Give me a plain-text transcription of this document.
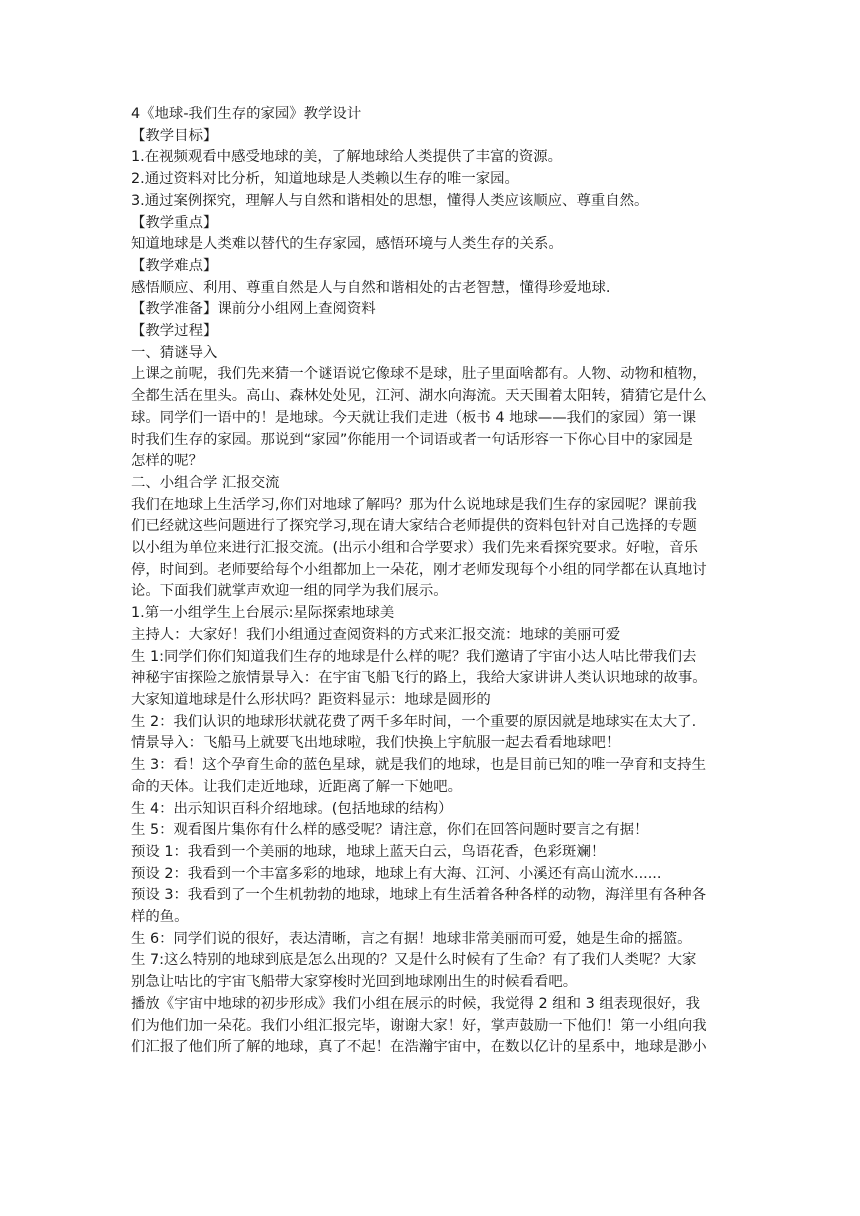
4《地球-我们生存的家园》教学设计

【教学目标】

1.在视频观看中感受地球的美，了解地球给人类提供了丰富的资源。

2.通过资料对比分析，知道地球是人类赖以生存的唯一家园。

3.通过案例探究，理解人与自然和谐相处的思想，懂得人类应该顺应、尊重自然。

【教学重点】

知道地球是人类难以替代的生存家园，感悟环境与人类生存的关系。

【教学难点】

感悟顺应、利用、尊重自然是人与自然和谐相处的古老智慧，懂得珍爱地球.

【教学准备】课前分小组网上查阅资料

【教学过程】

一、猜谜导入

上课之前呢，我们先来猜一个谜语说它像球不是球，肚子里面啥都有。人物、动物和植物，

全都生活在里头。高山、森林处处见，江河、湖水向海流。天天围着太阳转，猜猜它是什么

球。同学们一语中的！是地球。今天就让我们走进（板书 4 地球——我们的家园）第一课

时我们生存的家园。那说到“家园”你能用一个词语或者一句话形容一下你心目中的家园是

怎样的呢？

二、小组合学 汇报交流

我们在地球上生活学习,你们对地球了解吗？那为什么说地球是我们生存的家园呢？课前我

们已经就这些问题进行了探究学习,现在请大家结合老师提供的资料包针对自己选择的专题

以小组为单位来进行汇报交流。(出示小组和合学要求）我们先来看探究要求。好啦，音乐

停，时间到。老师要给每个小组都加上一朵花，刚才老师发现每个小组的同学都在认真地讨

论。下面我们就掌声欢迎一组的同学为我们展示。

1.第一小组学生上台展示:星际探索地球美

主持人：大家好！我们小组通过查阅资料的方式来汇报交流：地球的美丽可爱

生 1:同学们你们知道我们生存的地球是什么样的呢？我们邀请了宇宙小达人咕比带我们去

神秘宇宙探险之旅情景导入：在宇宙飞船飞行的路上，我给大家讲讲人类认识地球的故事。

大家知道地球是什么形状吗？距资料显示：地球是圆形的

生 2：我们认识的地球形状就花费了两千多年时间，一个重要的原因就是地球实在太大了.

情景导入：飞船马上就要飞出地球啦，我们快换上宇航服一起去看看地球吧！

生 3：看！这个孕育生命的蓝色星球，就是我们的地球，也是目前已知的唯一孕育和支持生

命的天体。让我们走近地球，近距离了解一下她吧。

生 4：出示知识百科介绍地球。(包括地球的结构）

生 5：观看图片集你有什么样的感受呢？请注意，你们在回答问题时要言之有据！

预设 1：我看到一个美丽的地球，地球上蓝天白云，鸟语花香，色彩斑斓！

预设 2：我看到一个丰富多彩的地球，地球上有大海、江河、小溪还有高山流水......

预设 3：我看到了一个生机勃勃的地球，地球上有生活着各种各样的动物，海洋里有各种各

样的鱼。

生 6：同学们说的很好，表达清晰，言之有据！地球非常美丽而可爱，她是生命的摇篮。

生 7:这么特别的地球到底是怎么出现的？又是什么时候有了生命？有了我们人类呢？大家

别急让咕比的宇宙飞船带大家穿梭时光回到地球刚出生的时候看看吧。

播放《宇宙中地球的初步形成》我们小组在展示的时候，我觉得 2 组和 3 组表现很好，我

们为他们加一朵花。我们小组汇报完毕，谢谢大家！好，掌声鼓励一下他们！第一小组向我

们汇报了他们所了解的地球，真了不起！在浩瀚宇宙中，在数以亿计的星系中，地球是渺小
